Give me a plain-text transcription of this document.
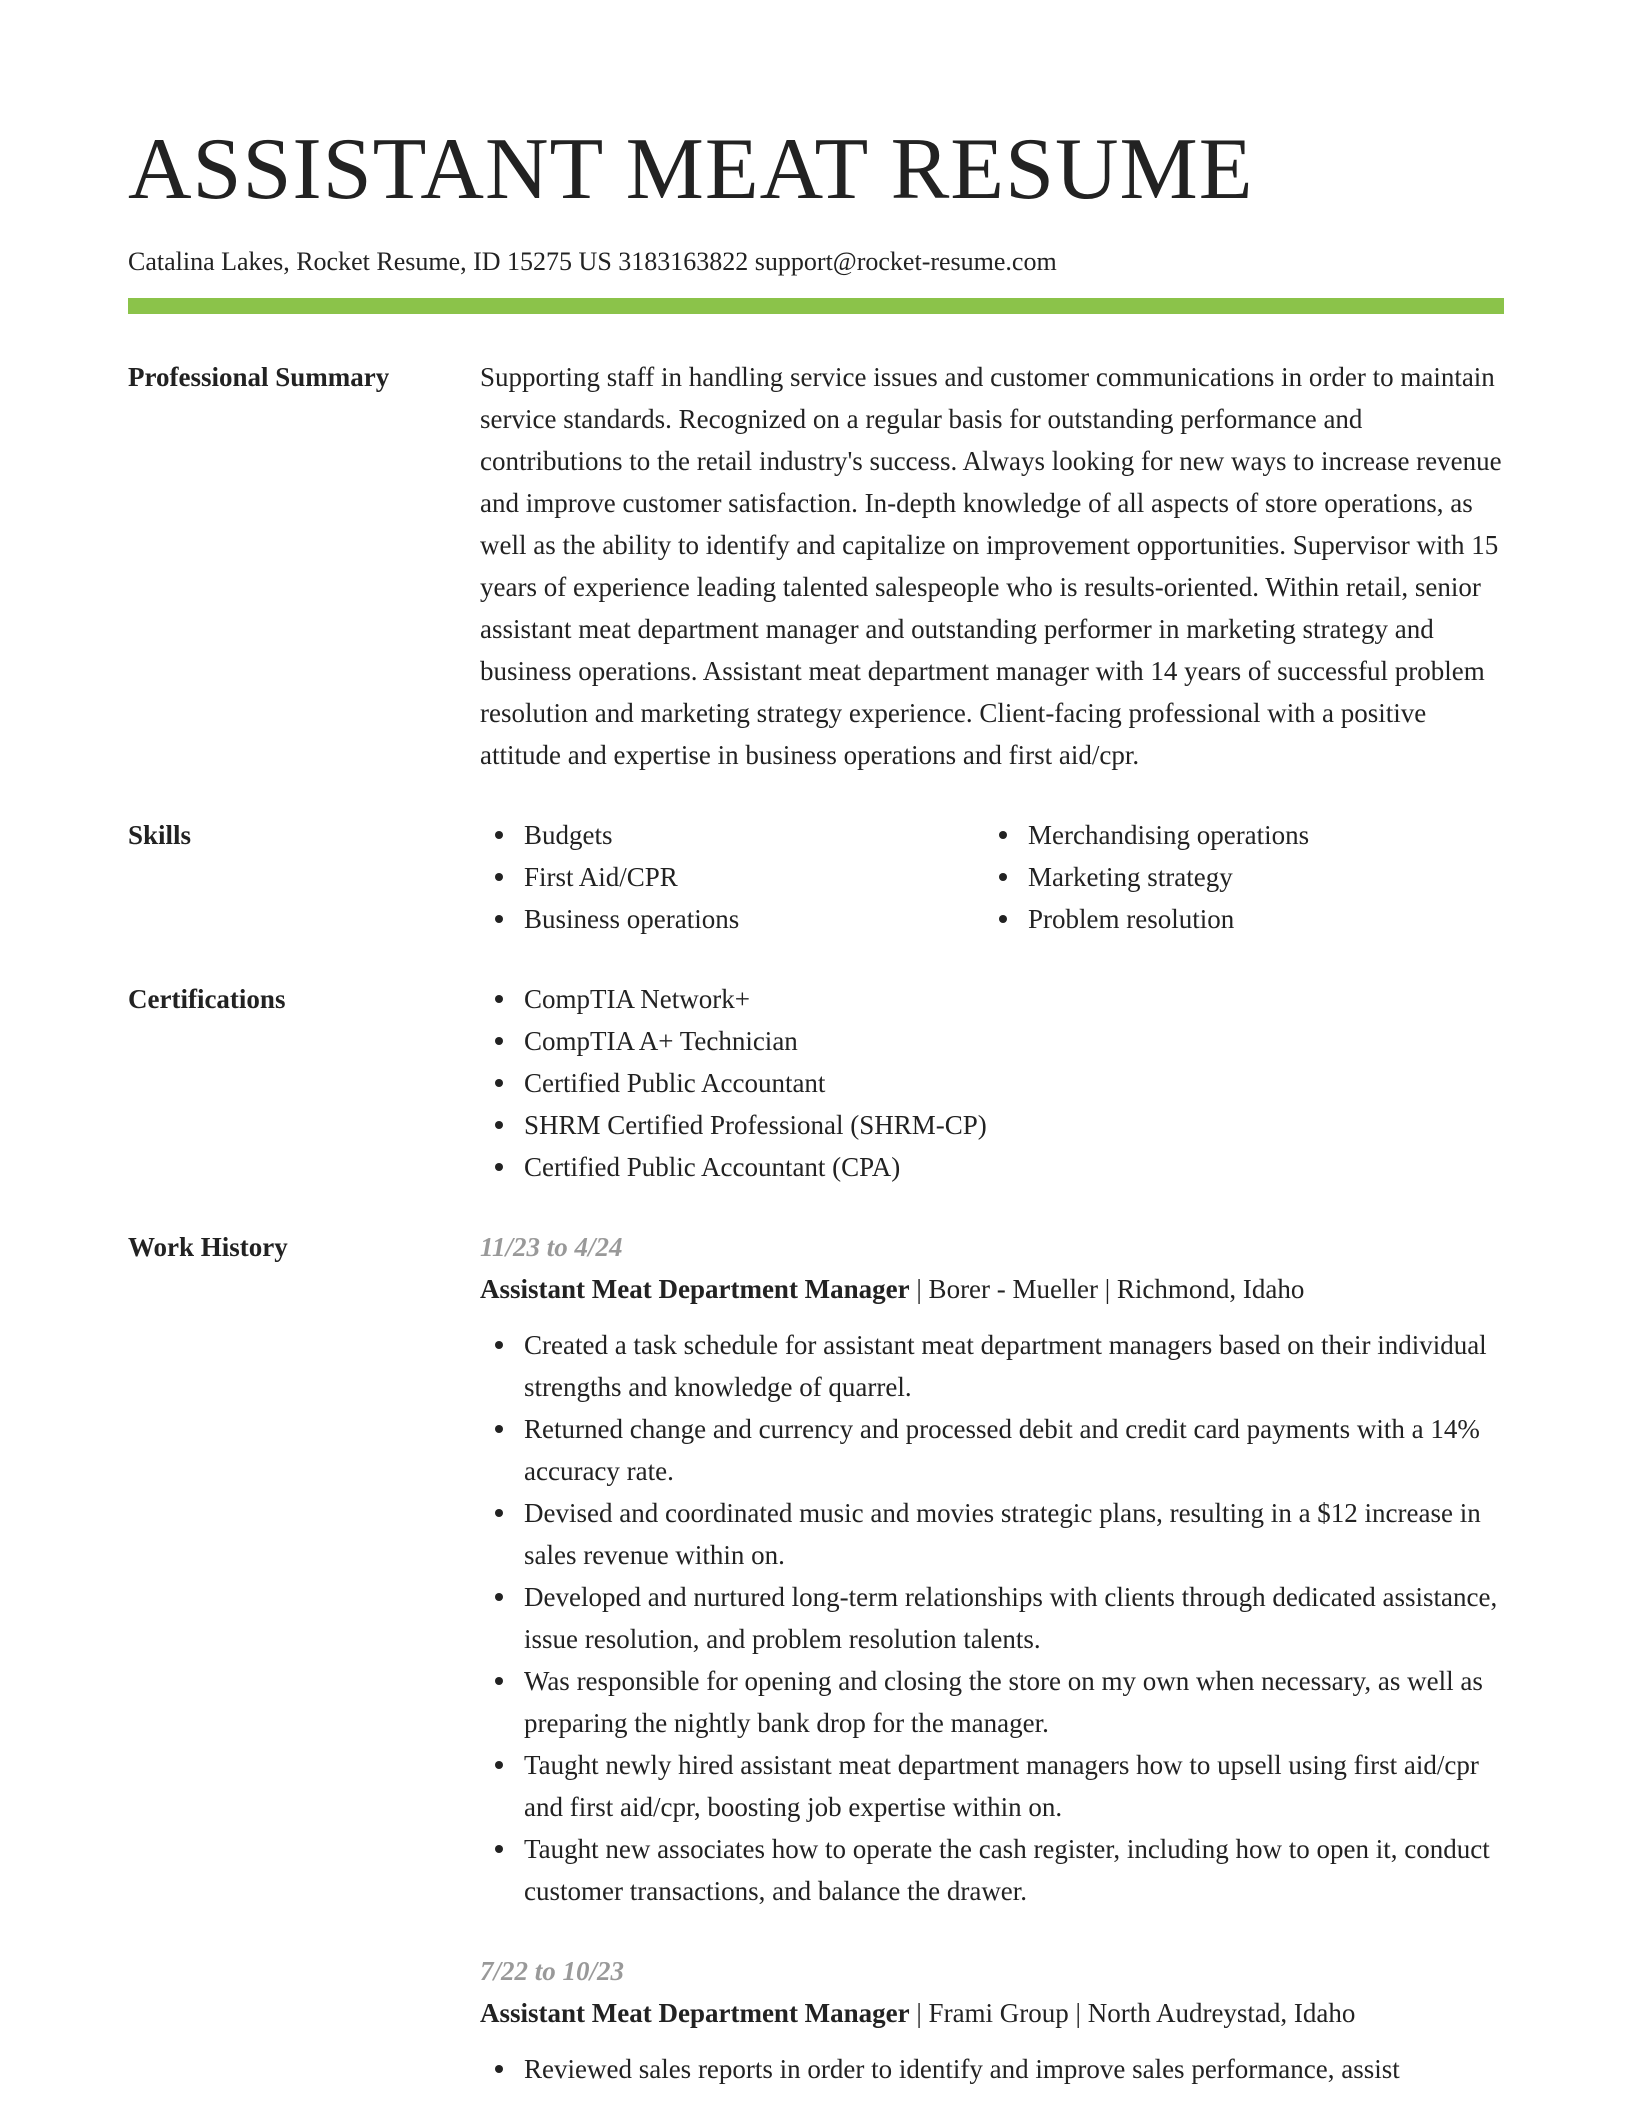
ASSISTANT MEAT RESUME
Catalina Lakes, Rocket Resume, ID 15275 US 3183163822 support@rocket-resume.com
Professional Summary	Supporting staff in handling service issues and customer communications in order to maintain service standards. Recognized on a regular basis for outstanding performance and contributions to the retail industry's success. Always looking for new ways to increase revenue and improve customer satisfaction. In-depth knowledge of all aspects of store operations, as well as the ability to identify and capitalize on improvement opportunities. Supervisor with 15 years of experience leading talented salespeople who is results-oriented. Within retail, senior assistant meat department manager and outstanding performer in marketing strategy and business operations. Assistant meat department manager with 14 years of successful problem resolution and marketing strategy experience. Client-facing professional with a positive attitude and expertise in business operations and first aid/cpr.

Skills	Budgets
First Aid/CPR
Business operations
Merchandising operations
Marketing strategy
Problem resolution
Certifications	CompTIA Network+
CompTIA A+ Technician
Certified Public Accountant
SHRM Certified Professional (SHRM-CP)
Certified Public Accountant (CPA)
Work History	11/23 to 4/24
Assistant Meat Department Manager | Borer - Mueller | Richmond, Idaho
Created a task schedule for assistant meat department managers based on their individual strengths and knowledge of quarrel.
Returned change and currency and processed debit and credit card payments with a 14% accuracy rate.
Devised and coordinated music and movies strategic plans, resulting in a $12 increase in sales revenue within on.
Developed and nurtured long-term relationships with clients through dedicated assistance, issue resolution, and problem resolution talents.
Was responsible for opening and closing the store on my own when necessary, as well as preparing the nightly bank drop for the manager.
Taught newly hired assistant meat department managers how to upsell using first aid/cpr and first aid/cpr, boosting job expertise within on.
Taught new associates how to operate the cash register, including how to open it, conduct customer transactions, and balance the drawer.
7/22 to 10/23
Assistant Meat Department Manager | Frami Group | North Audreystad, Idaho
Reviewed sales reports in order to identify and improve sales performance, assist
